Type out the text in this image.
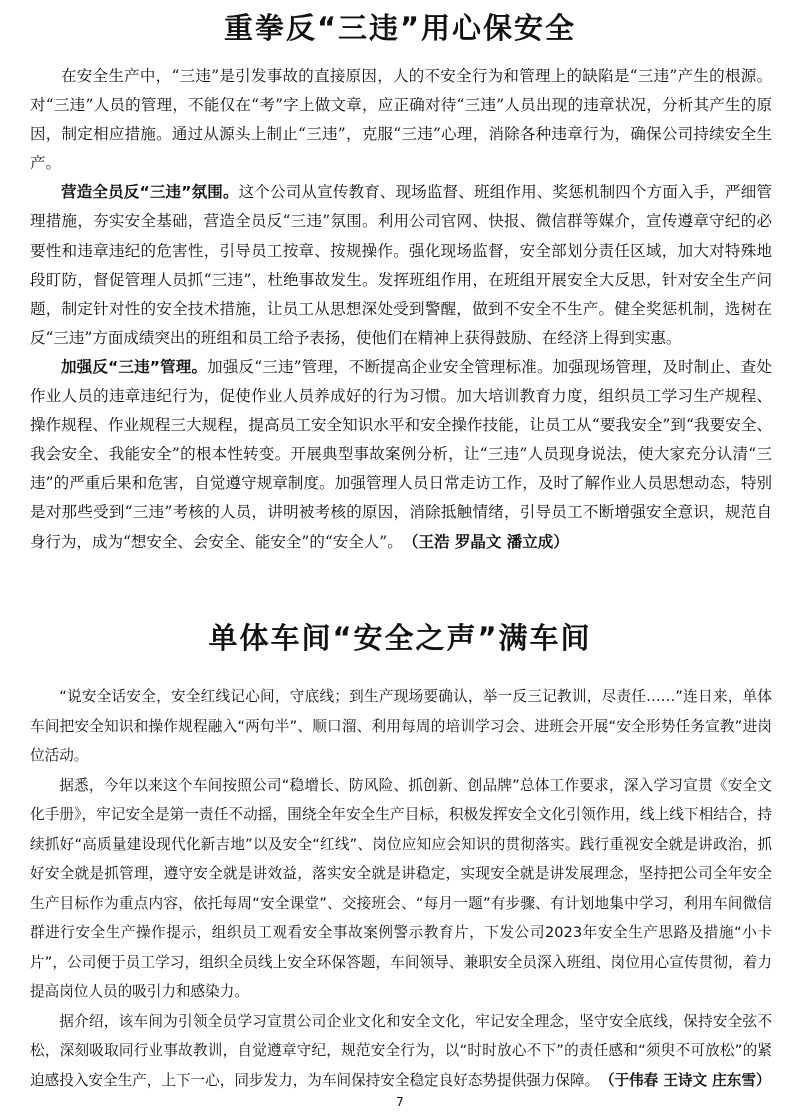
重拳反“三违”用心保安全

在安全生产中，“三违”是引发事故的直接原因，人的不安全行为和管理上的缺陷是“三违”产生的根源。对“三违”人员的管理，不能仅在“考”字上做文章，应正确对待“三违”人员出现的违章状况，分析其产生的原因，制定相应措施。通过从源头上制止“三违”，克服“三违”心理，消除各种违章行为，确保公司持续安全生产。

营造全员反“三违”氛围。这个公司从宣传教育、现场监督、班组作用、奖惩机制四个方面入手，严细管理措施，夯实安全基础，营造全员反“三违”氛围。利用公司官网、快报、微信群等媒介，宣传遵章守纪的必要性和违章违纪的危害性，引导员工按章、按规操作。强化现场监督，安全部划分责任区域，加大对特殊地段盯防，督促管理人员抓“三违”，杜绝事故发生。发挥班组作用，在班组开展安全大反思，针对安全生产问题，制定针对性的安全技术措施，让员工从思想深处受到警醒，做到不安全不生产。健全奖惩机制，选树在反“三违”方面成绩突出的班组和员工给予表扬，使他们在精神上获得鼓励、在经济上得到实惠。

加强反“三违”管理。加强反“三违”管理，不断提高企业安全管理标准。加强现场管理，及时制止、查处作业人员的违章违纪行为，促使作业人员养成好的行为习惯。加大培训教育力度，组织员工学习生产规程、操作规程、作业规程三大规程，提高员工安全知识水平和安全操作技能，让员工从“要我安全”到“我要安全、我会安全、我能安全”的根本性转变。开展典型事故案例分析，让“三违”人员现身说法，使大家充分认清“三违”的严重后果和危害，自觉遵守规章制度。加强管理人员日常走访工作，及时了解作业人员思想动态，特别是对那些受到“三违”考核的人员，讲明被考核的原因，消除抵触情绪，引导员工不断增强安全意识，规范自身行为，成为“想安全、会安全、能安全”的“安全人”。 （王浩 罗晶文 潘立成）

单体车间“安全之声”满车间

“说安全话安全，安全红线记心间，守底线；到生产现场要确认，举一反三记教训，尽责任……”连日来，单体车间把安全知识和操作规程融入“两句半”、顺口溜、利用每周的培训学习会、进班会开展“安全形势任务宣教”进岗位活动。

据悉，今年以来这个车间按照公司“稳增长、防风险、抓创新、创品牌”总体工作要求，深入学习宣贯《安全文化手册》，牢记安全是第一责任不动摇，围绕全年安全生产目标，积极发挥安全文化引领作用，线上线下相结合，持续抓好“高质量建设现代化新吉地”以及安全“红线”、岗位应知应会知识的贯彻落实。践行重视安全就是讲政治，抓好安全就是抓管理，遵守安全就是讲效益，落实安全就是讲稳定，实现安全就是讲发展理念，坚持把公司全年安全生产目标作为重点内容，依托每周“安全课堂”、交接班会、“每月一题”有步骤、有计划地集中学习，利用车间微信群进行安全生产操作提示，组织员工观看安全事故案例警示教育片，下发公司2023年安全生产思路及措施“小卡片”，公司便于员工学习，组织全员线上安全环保答题，车间领导、兼职安全员深入班组、岗位用心宣传贯彻，着力提高岗位人员的吸引力和感染力。

据介绍，该车间为引领全员学习宣贯公司企业文化和安全文化，牢记安全理念，坚守安全底线，保持安全弦不松，深刻吸取同行业事故教训，自觉遵章守纪，规范安全行为，以“时时放心不下”的责任感和“须臾不可放松”的紧迫感投入安全生产，上下一心，同步发力，为车间保持安全稳定良好态势提供强力保障。 （于伟春 王诗文 庄东雪）

7
